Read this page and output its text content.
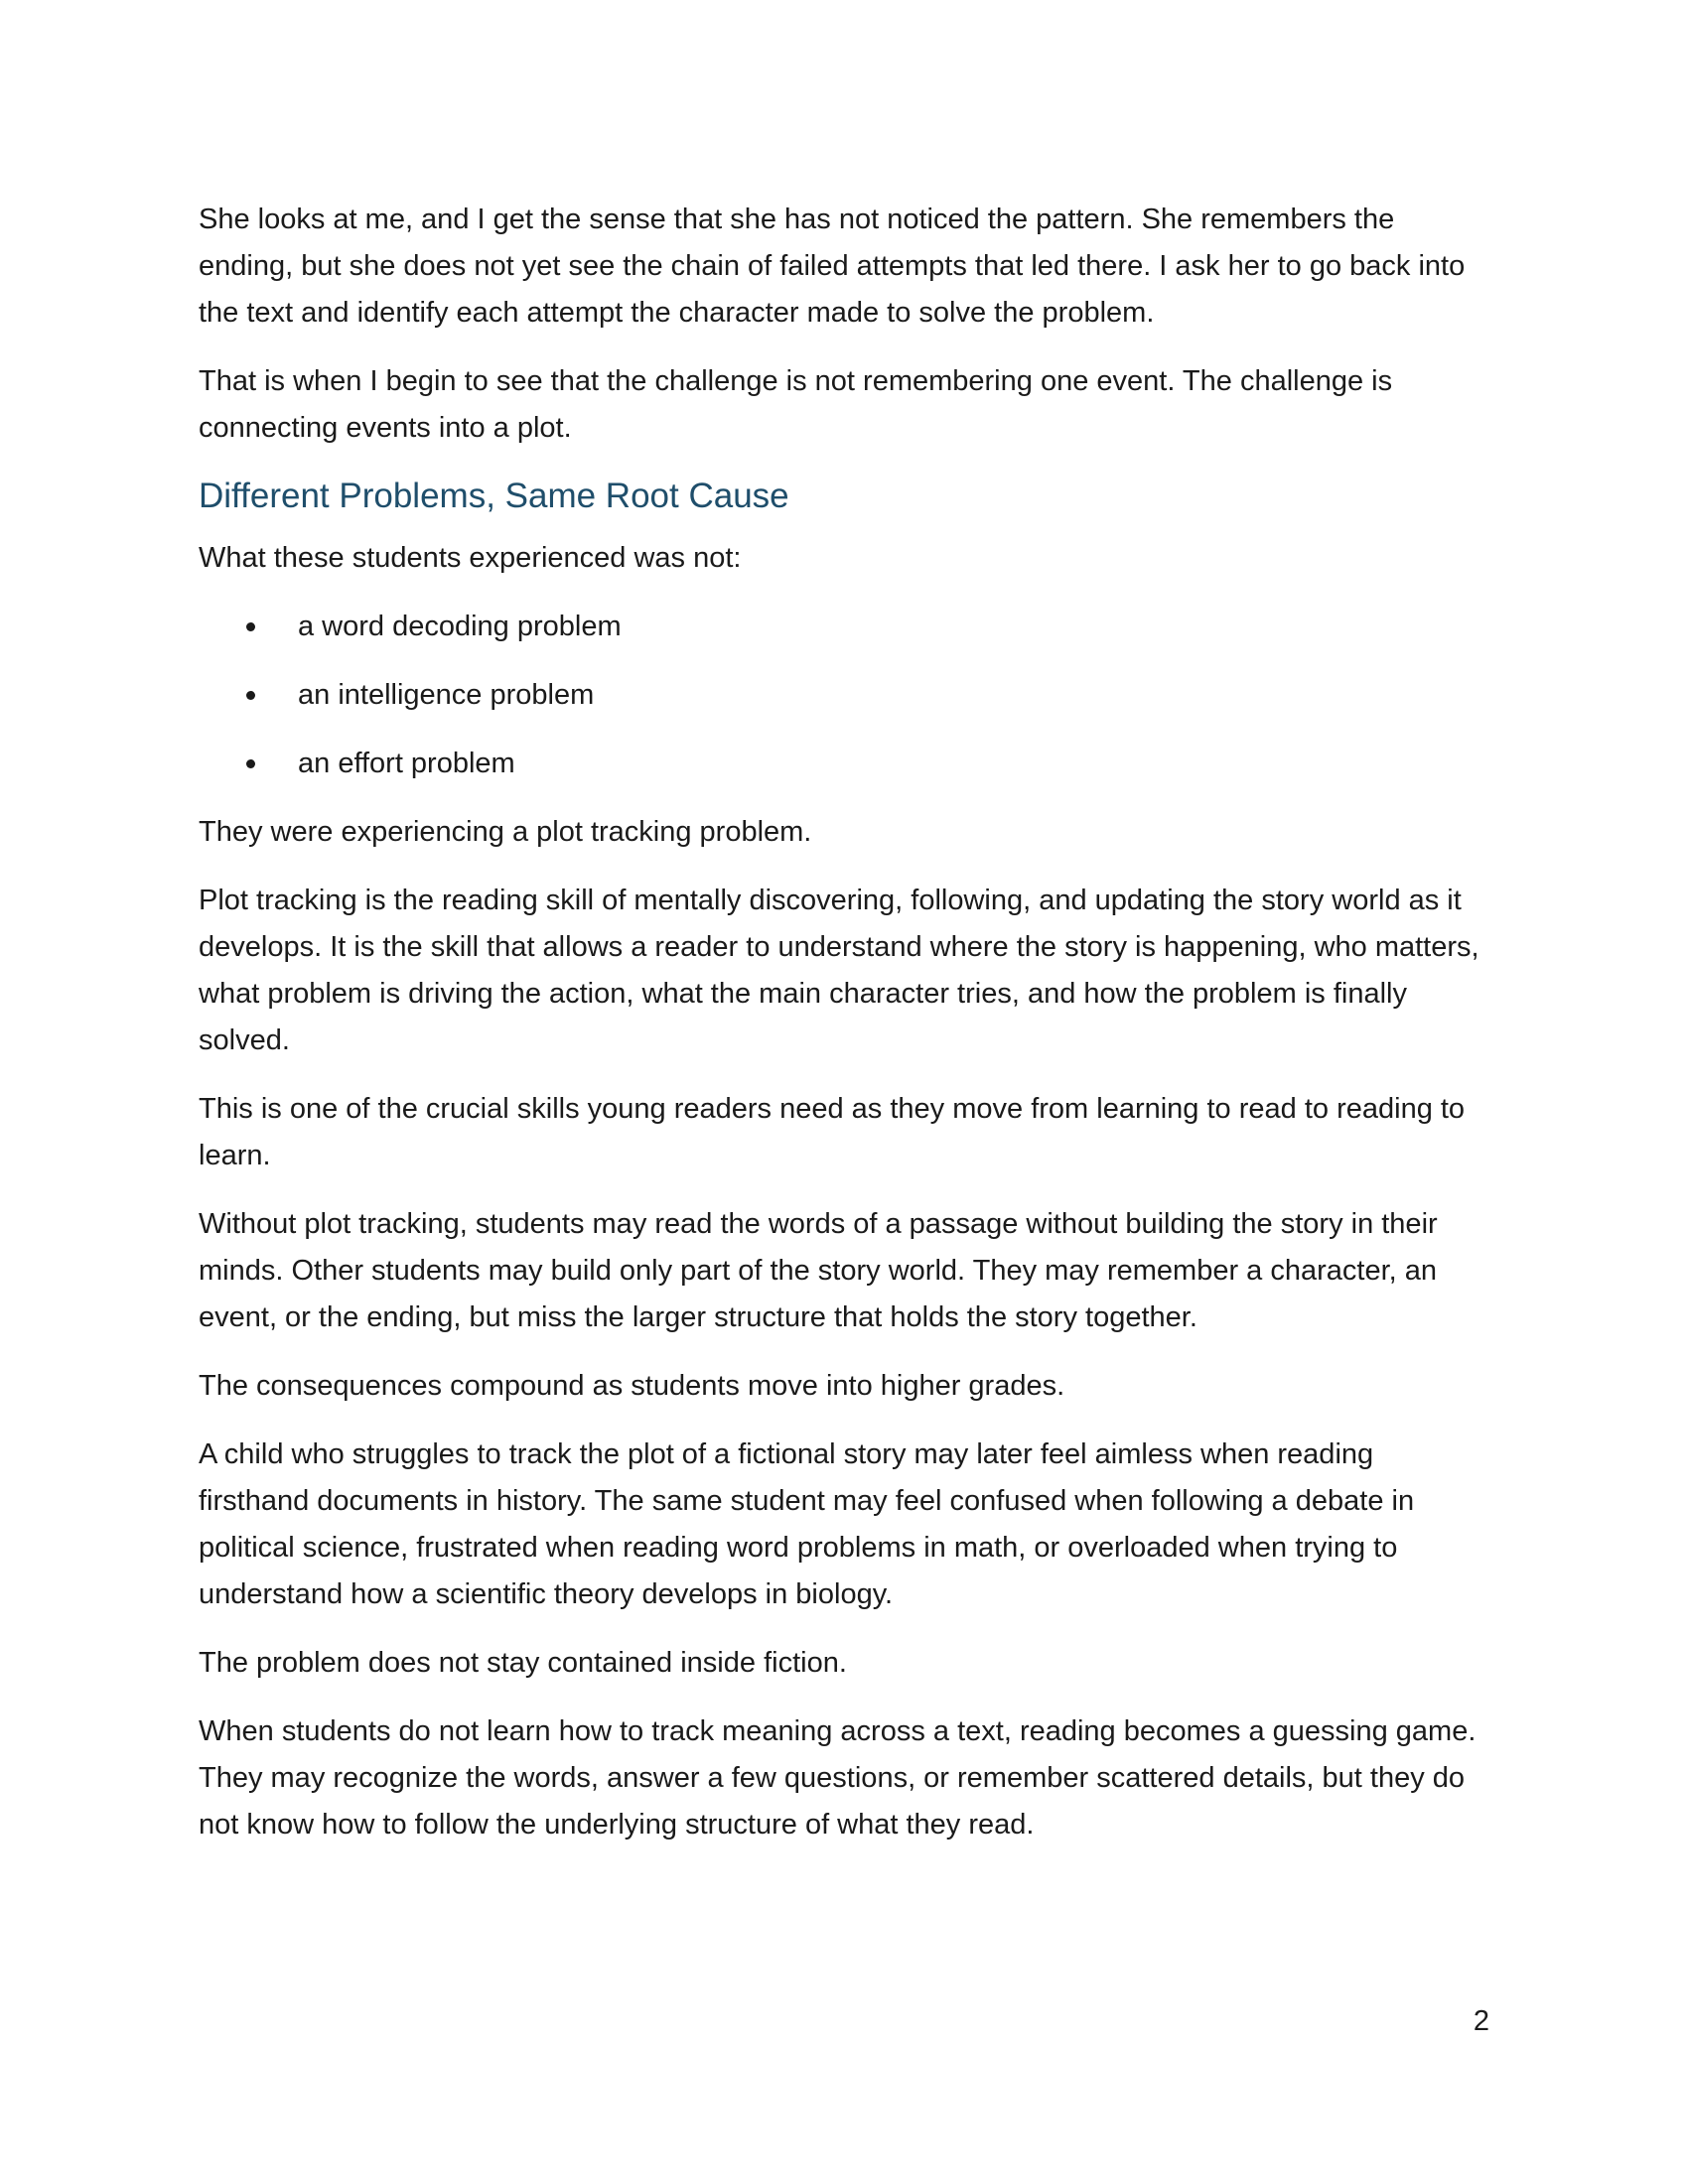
She looks at me, and I get the sense that she has not noticed the pattern. She remembers the ending, but she does not yet see the chain of failed attempts that led there. I ask her to go back into the text and identify each attempt the character made to solve the problem.

That is when I begin to see that the challenge is not remembering one event. The challenge is connecting events into a plot.

Different Problems, Same Root Cause

What these students experienced was not:

a word decoding problem
an intelligence problem
an effort problem

They were experiencing a plot tracking problem.

Plot tracking is the reading skill of mentally discovering, following, and updating the story world as it develops. It is the skill that allows a reader to understand where the story is happening, who matters, what problem is driving the action, what the main character tries, and how the problem is finally solved.

This is one of the crucial skills young readers need as they move from learning to read to reading to learn.

Without plot tracking, students may read the words of a passage without building the story in their minds. Other students may build only part of the story world. They may remember a character, an event, or the ending, but miss the larger structure that holds the story together.

The consequences compound as students move into higher grades.

A child who struggles to track the plot of a fictional story may later feel aimless when reading firsthand documents in history. The same student may feel confused when following a debate in political science, frustrated when reading word problems in math, or overloaded when trying to understand how a scientific theory develops in biology.

The problem does not stay contained inside fiction.

When students do not learn how to track meaning across a text, reading becomes a guessing game. They may recognize the words, answer a few questions, or remember scattered details, but they do not know how to follow the underlying structure of what they read.

2
